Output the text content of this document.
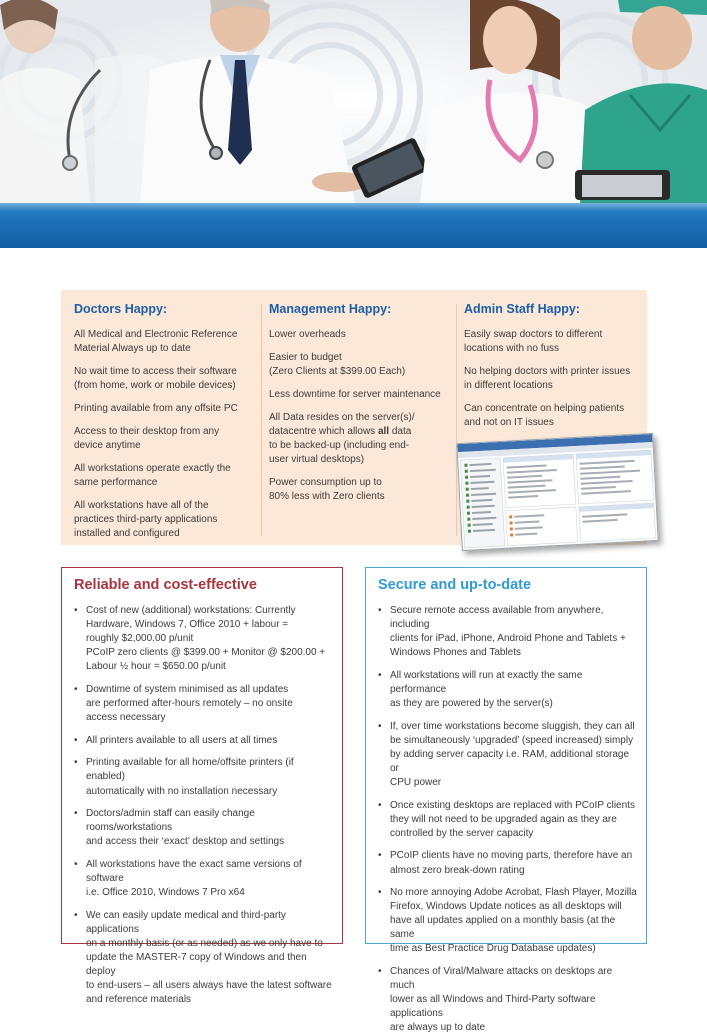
Doctors Happy:

All Medical and Electronic Reference
Material Always up to date

No wait time to access their software
(from home, work or mobile devices)

Printing available from any offsite PC

Access to their desktop from any
device anytime

All workstations operate exactly the
same performance

All workstations have all of the
practices third-party applications
installed and configured

Management Happy:

Lower overheads

Easier to budget
(Zero Clients at $399.00 Each)

Less downtime for server maintenance

All Data resides on the server(s)/
datacentre which allows all data
to be backed-up (including end-
user virtual desktops)

Power consumption up to
80% less with Zero clients

Admin Staff Happy:

Easily swap doctors to different
locations with no fuss

No helping doctors with printer issues
in different locations

Can concentrate on helping patients
and not on IT issues

Reliable and cost-effective
• Cost of new (additional) workstations: Currently
Hardware, Windows 7, Office 2010 + labour =
roughly $2,000.00 p/unit
PCoIP zero clients @ $399.00 + Monitor @ $200.00 +
Labour ½ hour = $650.00 p/unit
• Downtime of system minimised as all updates
are performed after-hours remotely – no onsite
access necessary
• All printers available to all users at all times
• Printing available for all home/offsite printers (if enabled)
automatically with no installation necessary
• Doctors/admin staff can easily change rooms/workstations
and access their ‘exact’ desktop and settings
• All workstations have the exact same versions of software
i.e. Office 2010, Windows 7 Pro x64
• We can easily update medical and third-party applications
on a monthly basis (or as needed) as we only have to
update the MASTER-7 copy of Windows and then deploy
to end-users – all users always have the latest software
and reference materials
Secure and up-to-date
• Secure remote access available from anywhere, including
clients for iPad, iPhone, Android Phone and Tablets +
Windows Phones and Tablets
• All workstations will run at exactly the same performance
as they are powered by the server(s)
• If, over time workstations become sluggish, they can all
be simultaneously ‘upgraded’ (speed increased) simply
by adding server capacity i.e. RAM, additional storage or
CPU power
• Once existing desktops are replaced with PCoIP clients
they will not need to be upgraded again as they are
controlled by the server capacity
• PCoIP clients have no moving parts, therefore have an
almost zero break-down rating
• No more annoying Adobe Acrobat, Flash Player, Mozilla
Firefox, Windows Update notices as all desktops will
have all updates applied on a monthly basis (at the same
time as Best Practice Drug Database updates)
• Chances of Viral/Malware attacks on desktops are much
lower as all Windows and Third-Party software applications
are always up to date
